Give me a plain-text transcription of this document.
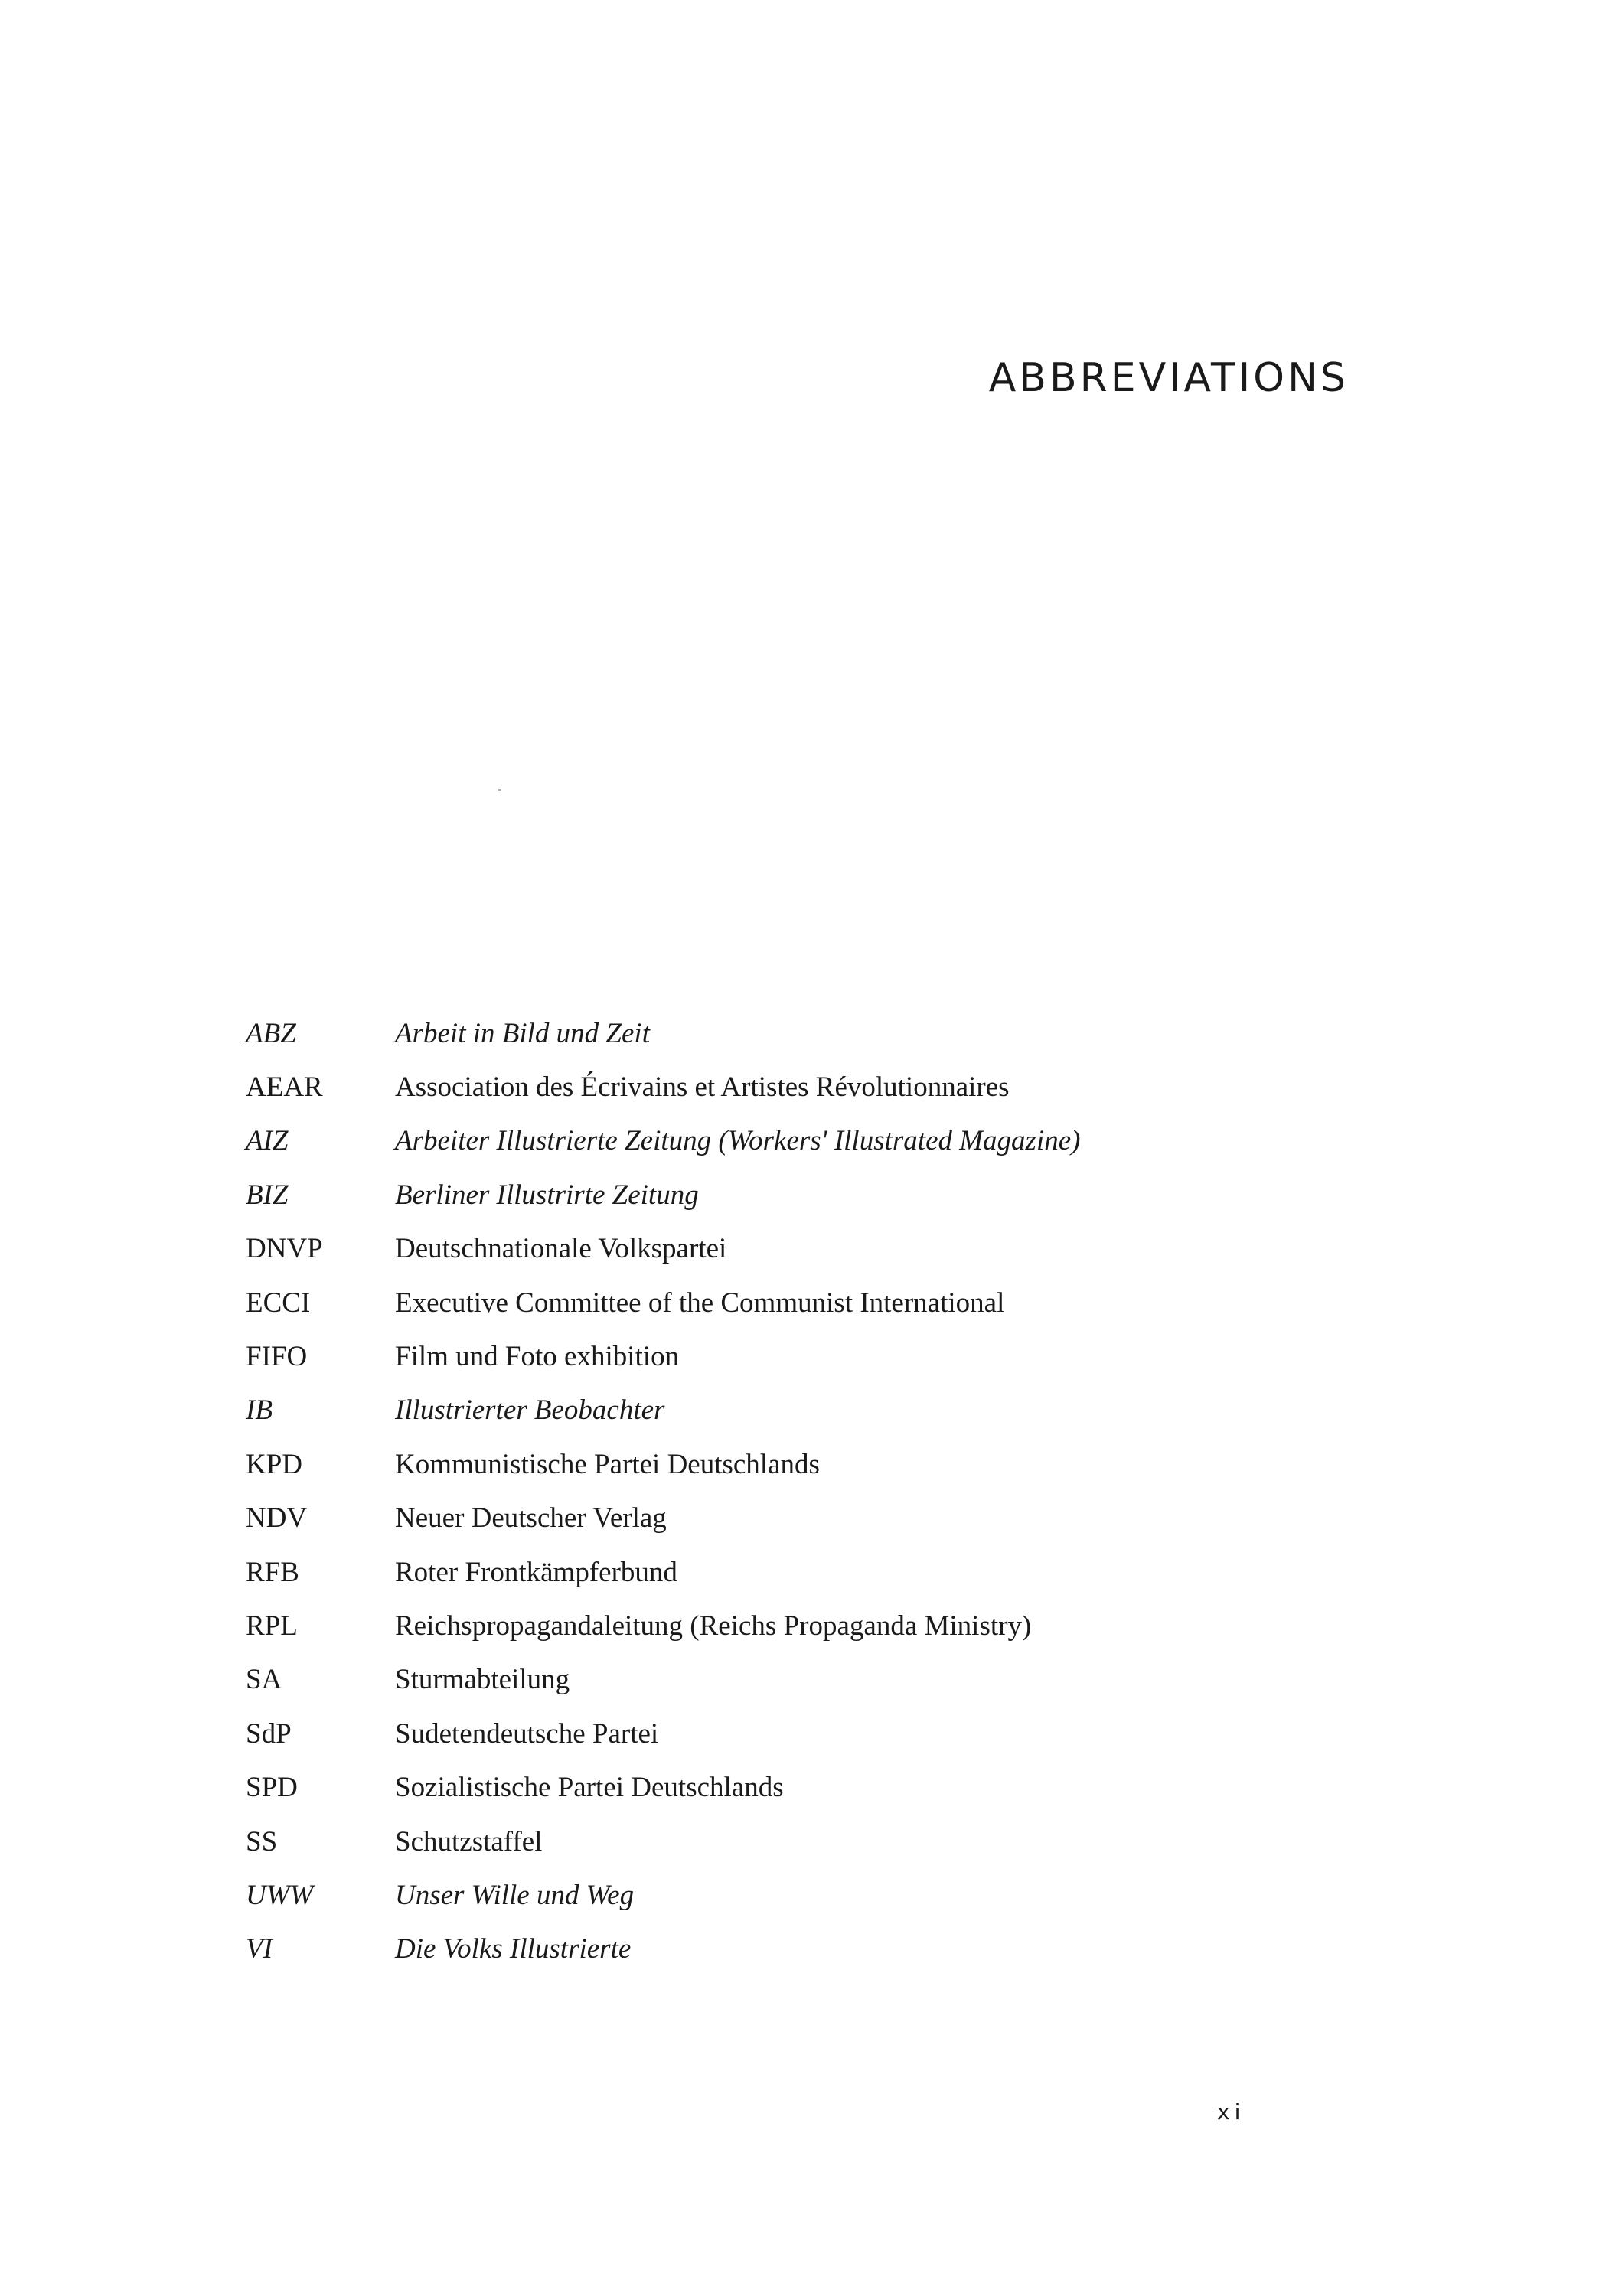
ABBREVIATIONS
ABZ	Arbeit in Bild und Zeit
AEAR	Association des Écrivains et Artistes Révolutionnaires
AIZ	Arbeiter Illustrierte Zeitung (Workers' Illustrated Magazine)
BIZ	Berliner Illustrirte Zeitung
DNVP	Deutschnationale Volkspartei
ECCI	Executive Committee of the Communist International
FIFO	Film und Foto exhibition
IB	Illustrierter Beobachter
KPD	Kommunistische Partei Deutschlands
NDV	Neuer Deutscher Verlag
RFB	Roter Frontkämpferbund
RPL	Reichspropagandaleitung (Reichs Propaganda Ministry)
SA	Sturmabteilung
SdP	Sudetendeutsche Partei
SPD	Sozialistische Partei Deutschlands
SS	Schutzstaffel
UWW	Unser Wille und Weg
VI	Die Volks Illustrierte
xi
